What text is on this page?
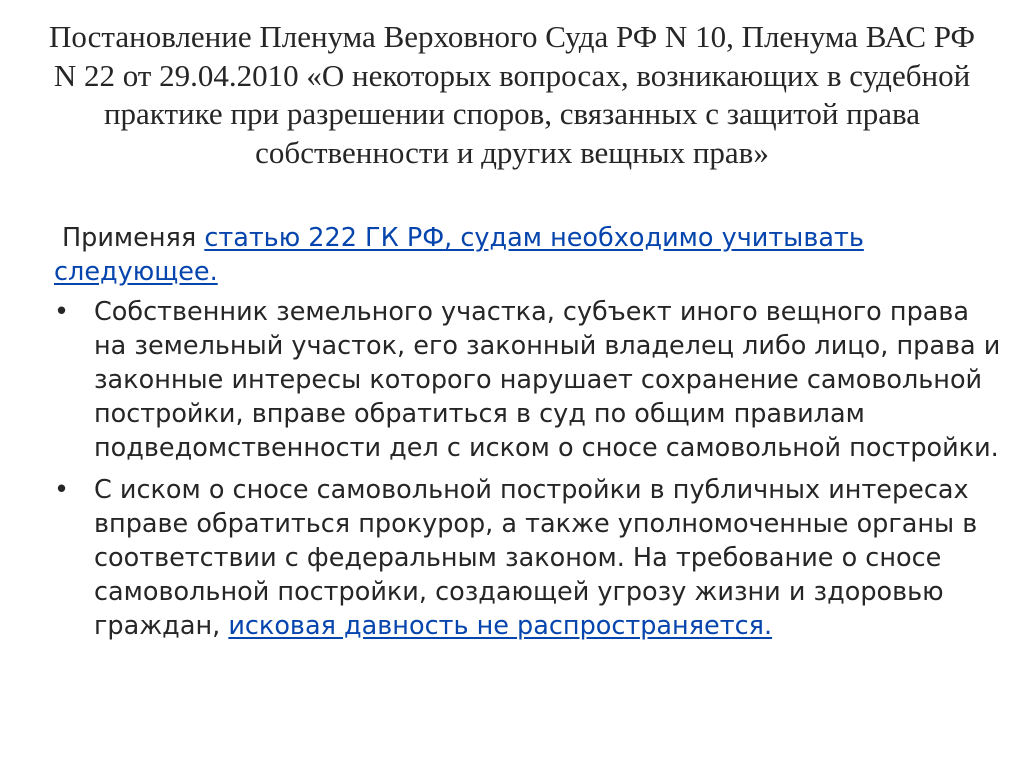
Постановление Пленума Верховного Суда РФ N 10, Пленума ВАС РФ N 22 от 29.04.2010 «О некоторых вопросах, возникающих в судебной практике при разрешении споров, связанных с защитой права собственности и других вещных прав»

Применяя статью 222 ГК РФ, судам необходимо учитывать следующее.

• Собственник земельного участка, субъект иного вещного права на земельный участок, его законный владелец либо лицо, права и законные интересы которого нарушает сохранение самовольной постройки, вправе обратиться в суд по общим правилам подведомственности дел с иском о сносе самовольной постройки.
• С иском о сносе самовольной постройки в публичных интересах вправе обратиться прокурор, а также уполномоченные органы в соответствии с федеральным законом. На требование о сносе самовольной постройки, создающей угрозу жизни и здоровью граждан, исковая давность не распространяется.
